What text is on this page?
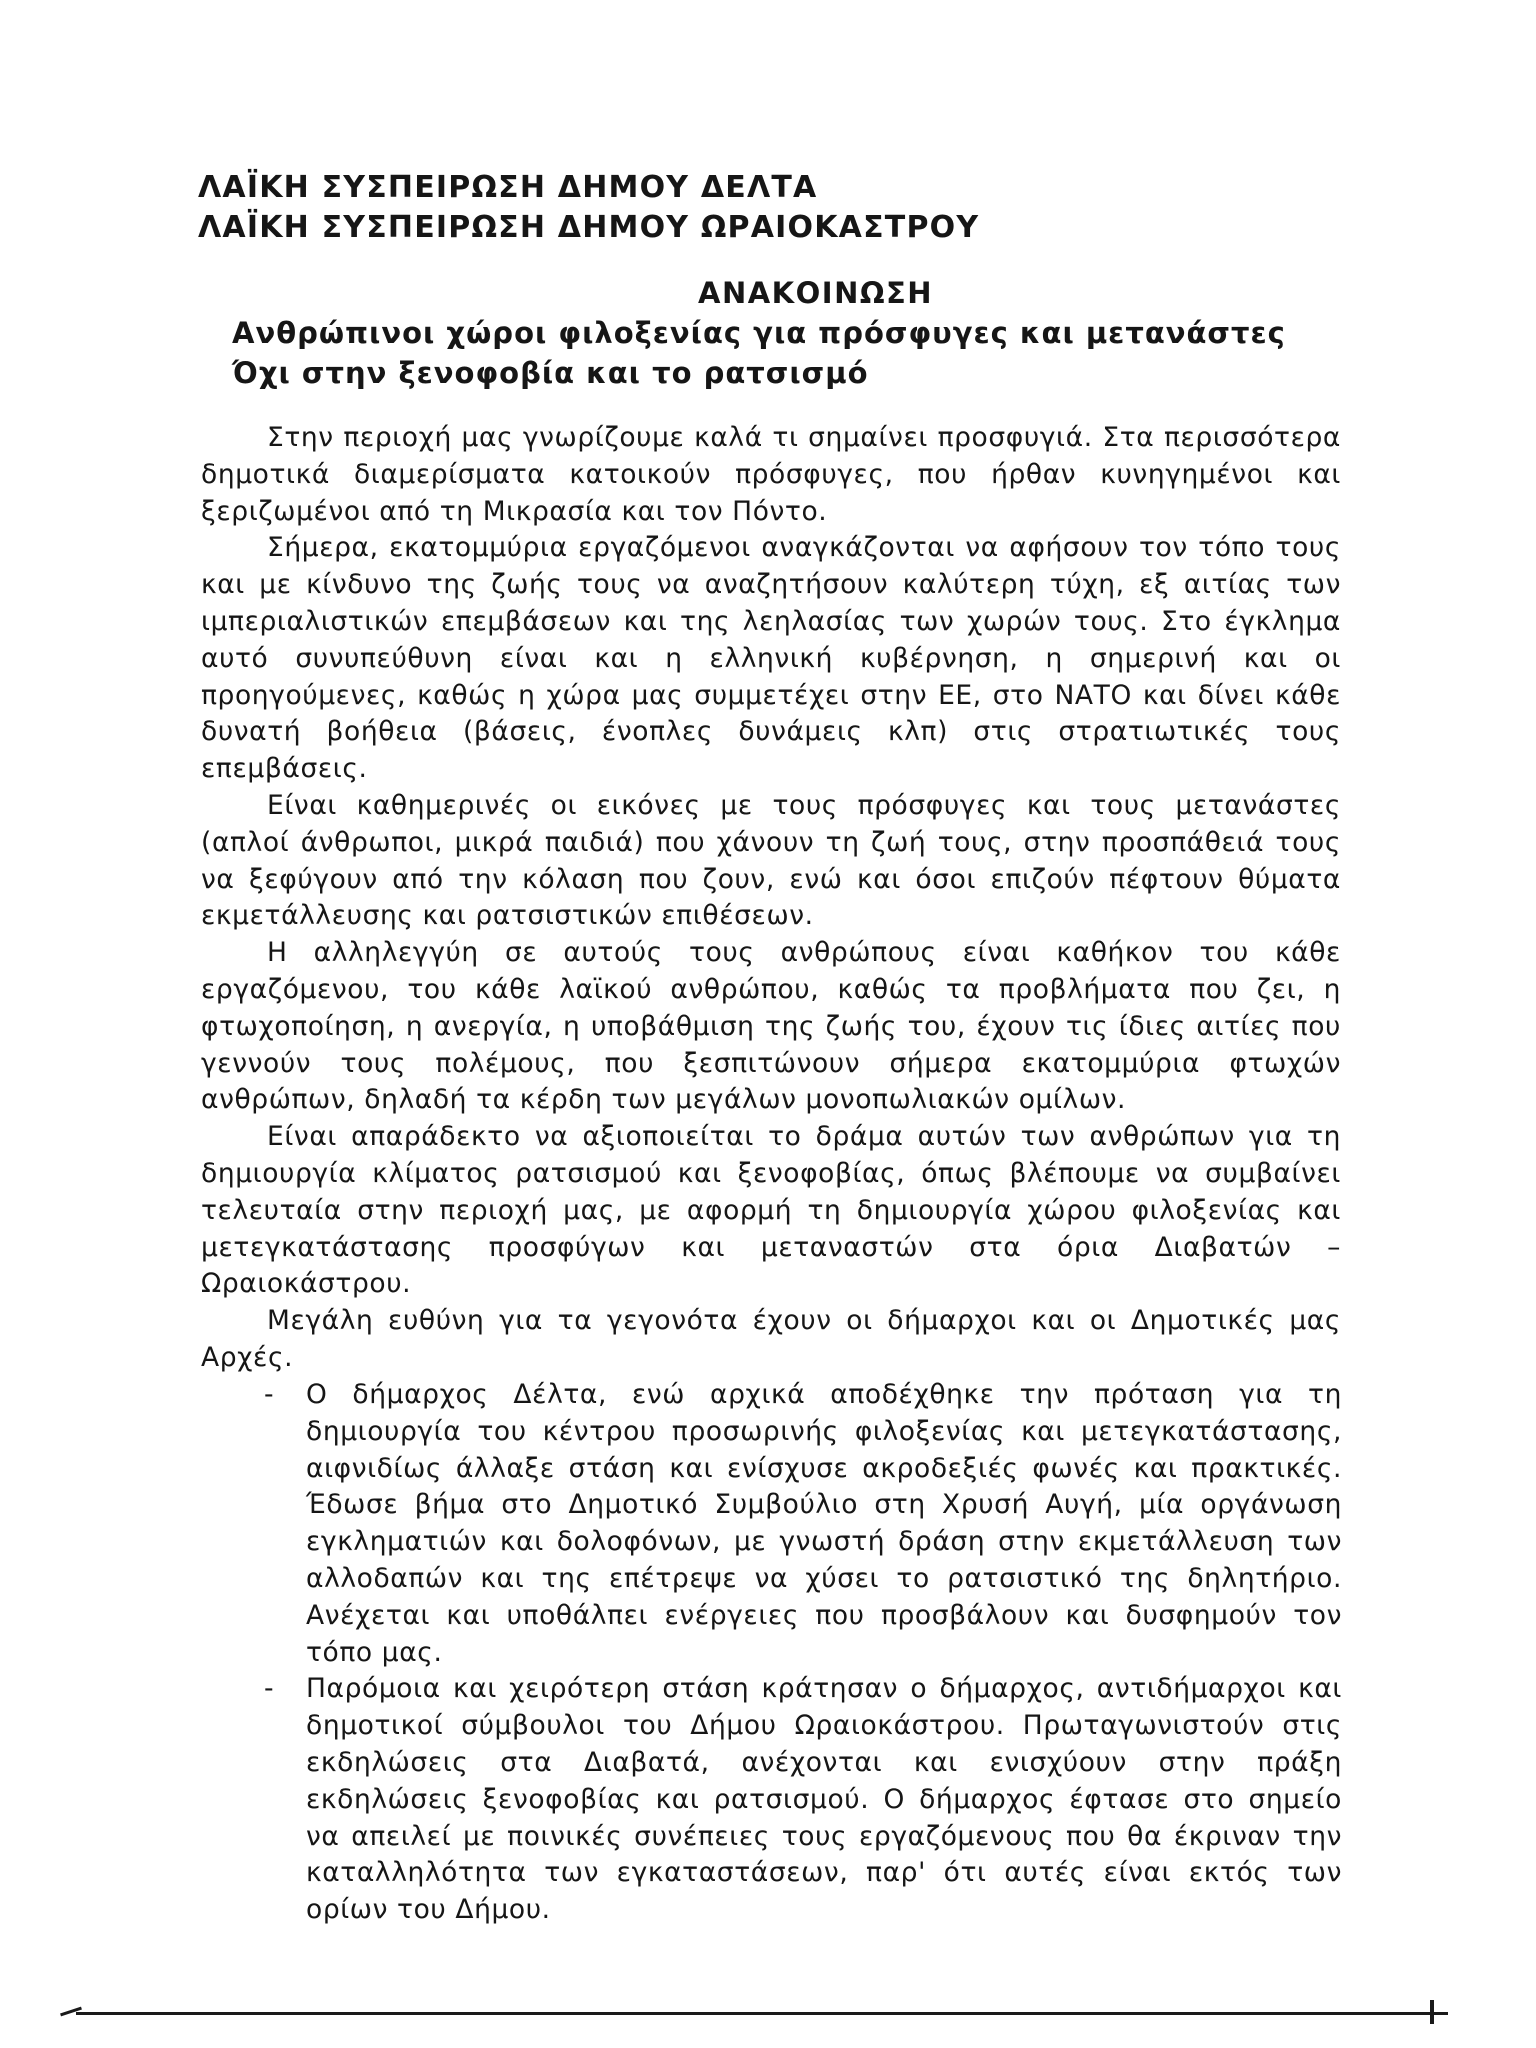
ΛΑΪΚΗ ΣΥΣΠΕΙΡΩΣΗ ΔΗΜΟΥ ΔΕΛΤΑ
ΛΑΪΚΗ ΣΥΣΠΕΙΡΩΣΗ ΔΗΜΟΥ ΩΡΑΙΟΚΑΣΤΡΟΥ
ΑΝΑΚΟΙΝΩΣΗ
Ανθρώπινοι χώροι φιλοξενίας για πρόσφυγες και μετανάστες
Όχι στην ξενοφοβία και το ρατσισμό

Στην περιοχή μας γνωρίζουμε καλά τι σημαίνει προσφυγιά. Στα περισσότερα δημοτικά διαμερίσματα κατοικούν πρόσφυγες, που ήρθαν κυνηγημένοι και ξεριζωμένοι από τη Μικρασία και τον Πόντο.

Σήμερα, εκατομμύρια εργαζόμενοι αναγκάζονται να αφήσουν τον τόπο τους και με κίνδυνο της ζωής τους να αναζητήσουν καλύτερη τύχη, εξ αιτίας των ιμπεριαλιστικών επεμβάσεων και της λεηλασίας των χωρών τους. Στο έγκλημα αυτό συνυπεύθυνη είναι και η ελληνική κυβέρνηση, η σημερινή και οι προηγούμενες, καθώς η χώρα μας συμμετέχει στην ΕΕ, στο ΝΑΤΟ και δίνει κάθε δυνατή βοήθεια (βάσεις, ένοπλες δυνάμεις κλπ) στις στρατιωτικές τους επεμβάσεις.

Είναι καθημερινές οι εικόνες με τους πρόσφυγες και τους μετανάστες (απλοί άνθρωποι, μικρά παιδιά) που χάνουν τη ζωή τους, στην προσπάθειά τους να ξεφύγουν από την κόλαση που ζουν, ενώ και όσοι επιζούν πέφτουν θύματα εκμετάλλευσης και ρατσιστικών επιθέσεων.

Η αλληλεγγύη σε αυτούς τους ανθρώπους είναι καθήκον του κάθε εργαζόμενου, του κάθε λαϊκού ανθρώπου, καθώς τα προβλήματα που ζει, η φτωχοποίηση, η ανεργία, η υποβάθμιση της ζωής του, έχουν τις ίδιες αιτίες που γεννούν τους πολέμους, που ξεσπιτώνουν σήμερα εκατομμύρια φτωχών ανθρώπων, δηλαδή τα κέρδη των μεγάλων μονοπωλιακών ομίλων.

Είναι απαράδεκτο να αξιοποιείται το δράμα αυτών των ανθρώπων για τη δημιουργία κλίματος ρατσισμού και ξενοφοβίας, όπως βλέπουμε να συμβαίνει τελευταία στην περιοχή μας, με αφορμή τη δημιουργία χώρου φιλοξενίας και μετεγκατάστασης προσφύγων και μεταναστών στα όρια Διαβατών – Ωραιοκάστρου.

Μεγάλη ευθύνη για τα γεγονότα έχουν οι δήμαρχοι και οι Δημοτικές μας Αρχές.

- Ο δήμαρχος Δέλτα, ενώ αρχικά αποδέχθηκε την πρόταση για τη δημιουργία του κέντρου προσωρινής φιλοξενίας και μετεγκατάστασης, αιφνιδίως άλλαξε στάση και ενίσχυσε ακροδεξιές φωνές και πρακτικές. Έδωσε βήμα στο Δημοτικό Συμβούλιο στη Χρυσή Αυγή, μία οργάνωση εγκληματιών και δολοφόνων, με γνωστή δράση στην εκμετάλλευση των αλλοδαπών και της επέτρεψε να χύσει το ρατσιστικό της δηλητήριο. Ανέχεται και υποθάλπει ενέργειες που προσβάλουν και δυσφημούν τον τόπο μας.

- Παρόμοια και χειρότερη στάση κράτησαν ο δήμαρχος, αντιδήμαρχοι και δημοτικοί σύμβουλοι του Δήμου Ωραιοκάστρου. Πρωταγωνιστούν στις εκδηλώσεις στα Διαβατά, ανέχονται και ενισχύουν στην πράξη εκδηλώσεις ξενοφοβίας και ρατσισμού. Ο δήμαρχος έφτασε στο σημείο να απειλεί με ποινικές συνέπειες τους εργαζόμενους που θα έκριναν την καταλληλότητα των εγκαταστάσεων, παρ' ότι αυτές είναι εκτός των ορίων του Δήμου.
